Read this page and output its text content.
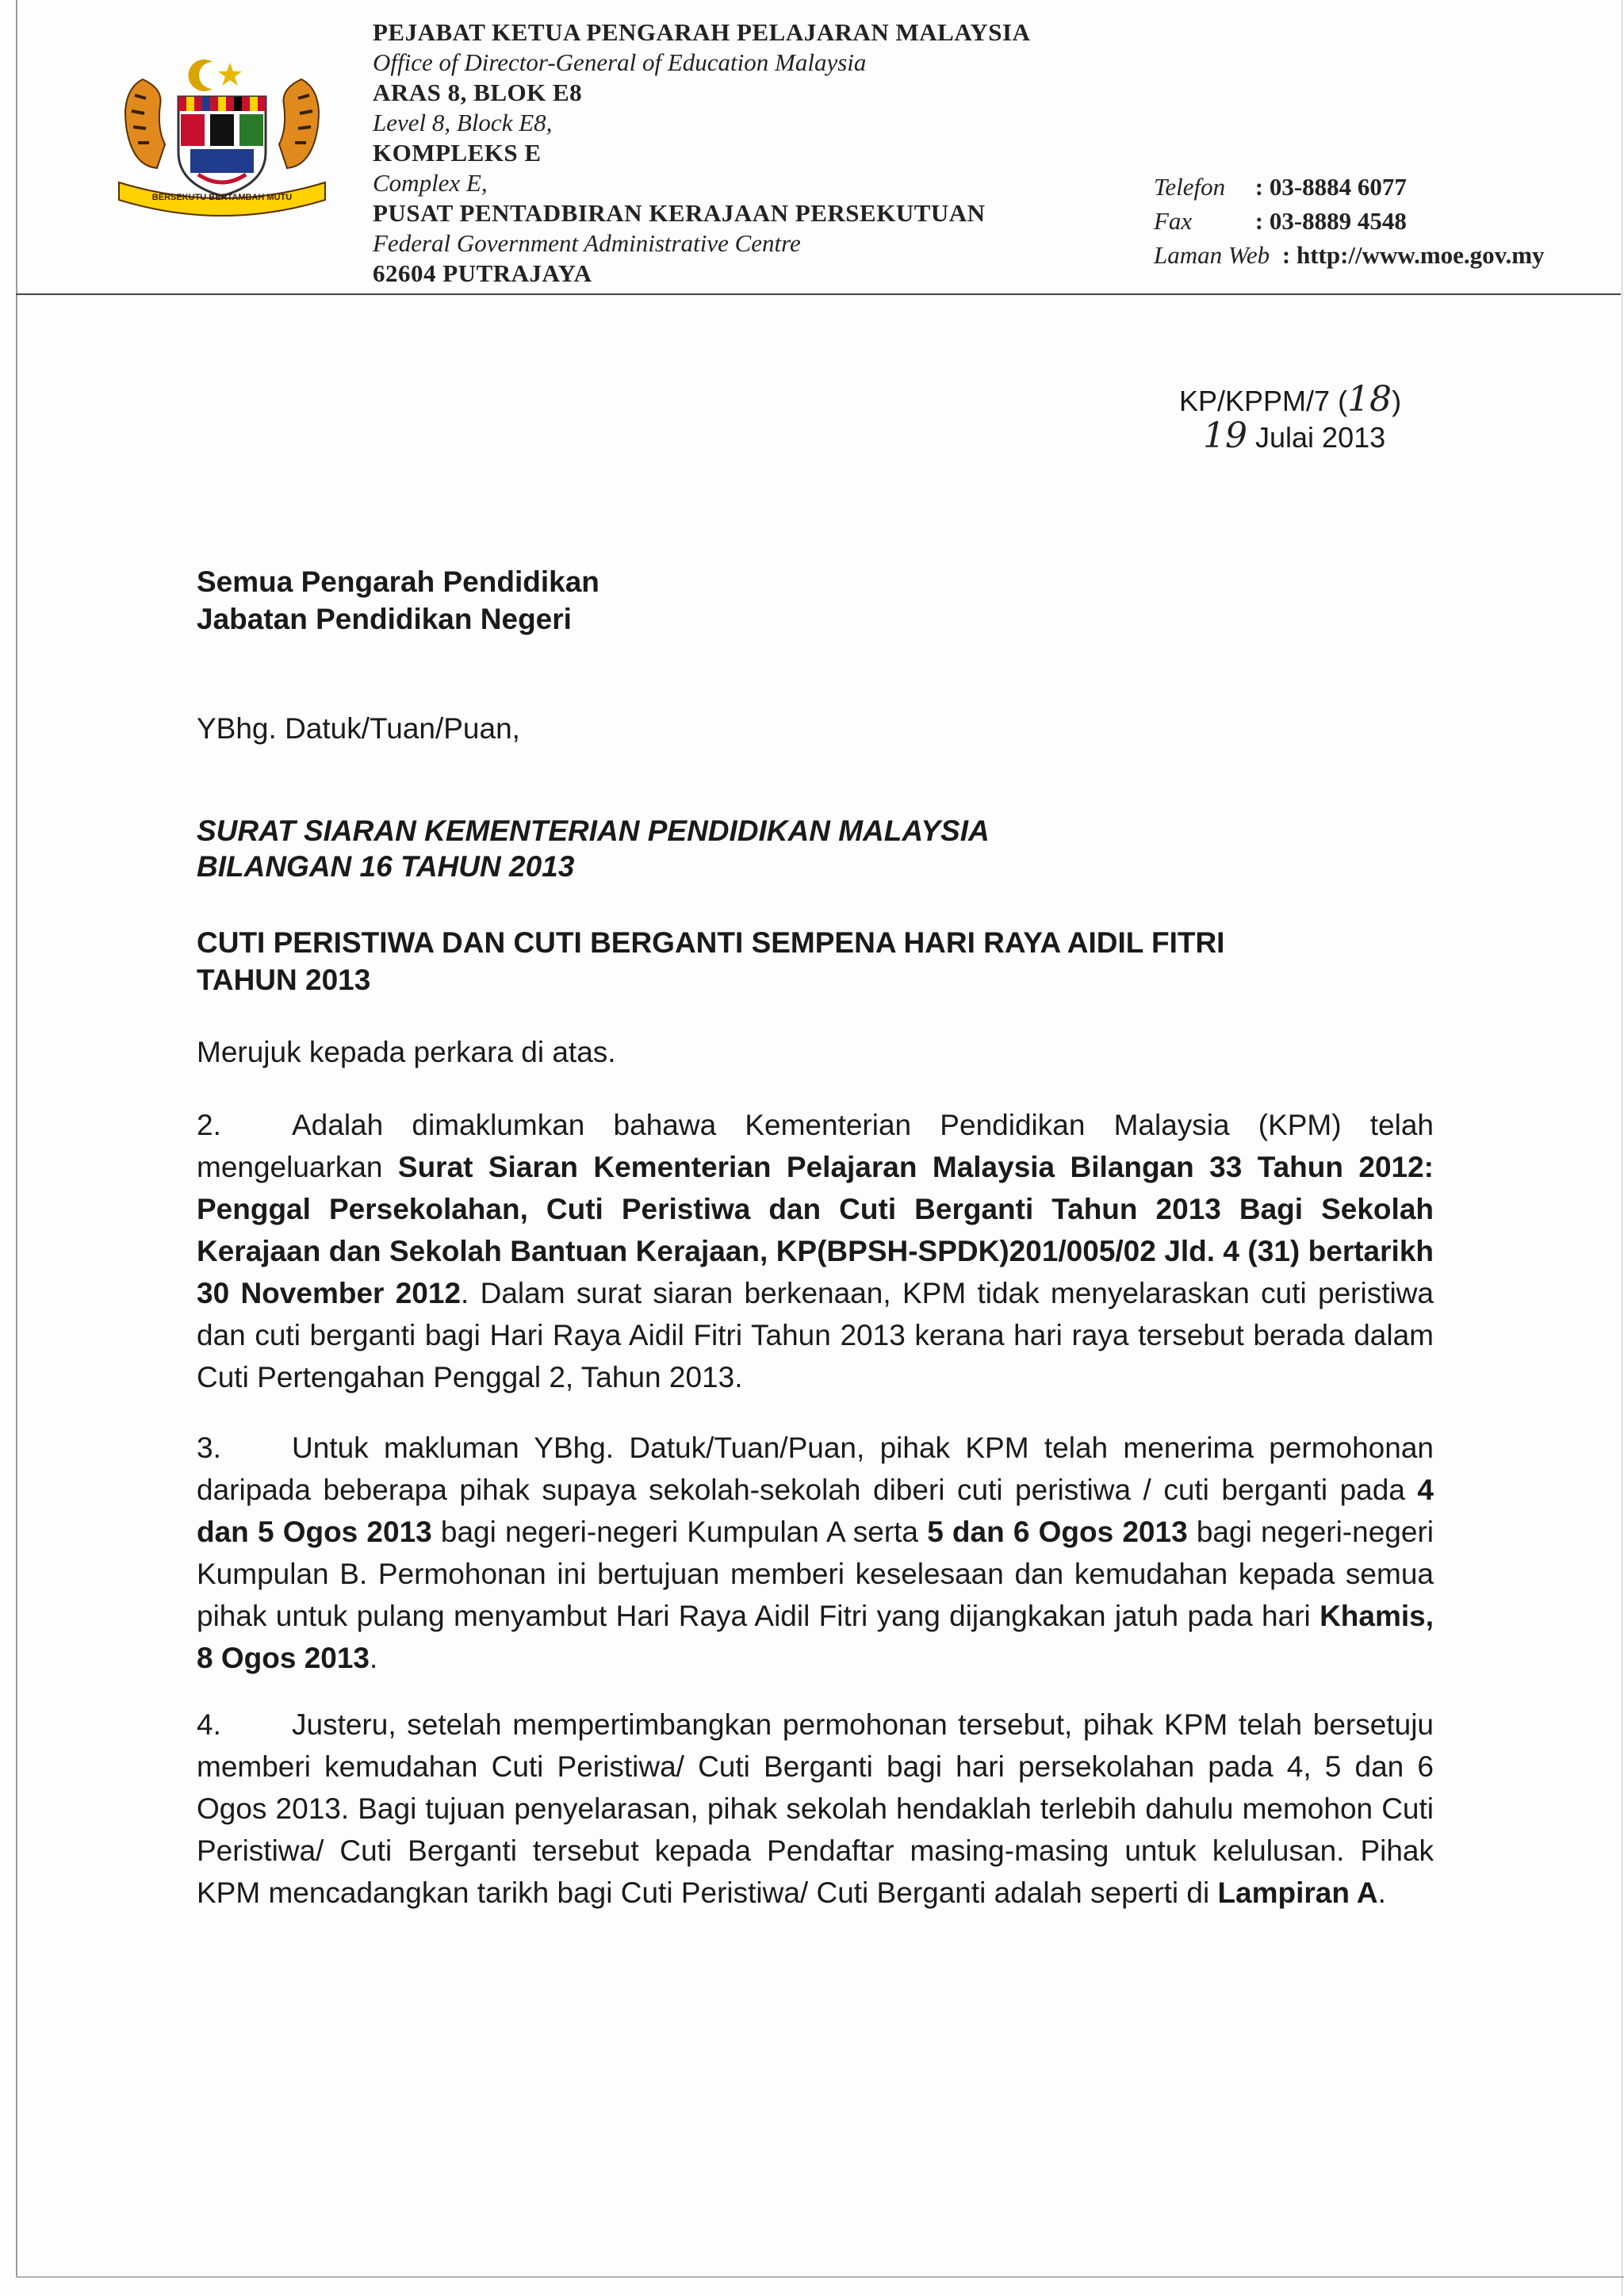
BERSEKUTU BERTAMBAH MUTU
PEJABAT KETUA PENGARAH PELAJARAN MALAYSIA
Office of Director-General of Education Malaysia
ARAS 8, BLOK E8
Level 8, Block E8,
KOMPLEKS E
Complex E,
PUSAT PENTADBIRAN KERAJAAN PERSEKUTUAN
Federal Government Administrative Centre
62604 PUTRAJAYA
Telefon : 03-8884 6077
Fax	: 03-8889 4548
Laman Web : http://www.moe.gov.my
KP/KPPM/7 (18)
19 Julai 2013
Semua Pengarah Pendidikan
Jabatan Pendidikan Negeri
YBhg. Datuk/Tuan/Puan,
SURAT SIARAN KEMENTERIAN PENDIDIKAN MALAYSIA
BILANGAN 16 TAHUN 2013
CUTI PERISTIWA DAN CUTI BERGANTI SEMPENA HARI RAYA AIDIL FITRI
TAHUN 2013
Merujuk kepada perkara di atas.
2. Adalah dimaklumkan bahawa Kementerian Pendidikan Malaysia (KPM) telah mengeluarkan Surat Siaran Kementerian Pelajaran Malaysia Bilangan 33 Tahun 2012: Penggal Persekolahan, Cuti Peristiwa dan Cuti Berganti Tahun 2013 Bagi Sekolah Kerajaan dan Sekolah Bantuan Kerajaan, KP(BPSH-SPDK)201/005/02 Jld. 4 (31) bertarikh 30 November 2012. Dalam surat siaran berkenaan, KPM tidak menyelaraskan cuti peristiwa dan cuti berganti bagi Hari Raya Aidil Fitri Tahun 2013 kerana hari raya tersebut berada dalam Cuti Pertengahan Penggal 2, Tahun 2013.
3. Untuk makluman YBhg. Datuk/Tuan/Puan, pihak KPM telah menerima permohonan daripada beberapa pihak supaya sekolah-sekolah diberi cuti peristiwa / cuti berganti pada 4 dan 5 Ogos 2013 bagi negeri-negeri Kumpulan A serta 5 dan 6 Ogos 2013 bagi negeri-negeri Kumpulan B. Permohonan ini bertujuan memberi keselesaan dan kemudahan kepada semua pihak untuk pulang menyambut Hari Raya Aidil Fitri yang dijangkakan jatuh pada hari Khamis, 8 Ogos 2013.
4. Justeru, setelah mempertimbangkan permohonan tersebut, pihak KPM telah bersetuju memberi kemudahan Cuti Peristiwa/ Cuti Berganti bagi hari persekolahan pada 4, 5 dan 6 Ogos 2013. Bagi tujuan penyelarasan, pihak sekolah hendaklah terlebih dahulu memohon Cuti Peristiwa/ Cuti Berganti tersebut kepada Pendaftar masing-masing untuk kelulusan. Pihak KPM mencadangkan tarikh bagi Cuti Peristiwa/ Cuti Berganti adalah seperti di Lampiran A.
